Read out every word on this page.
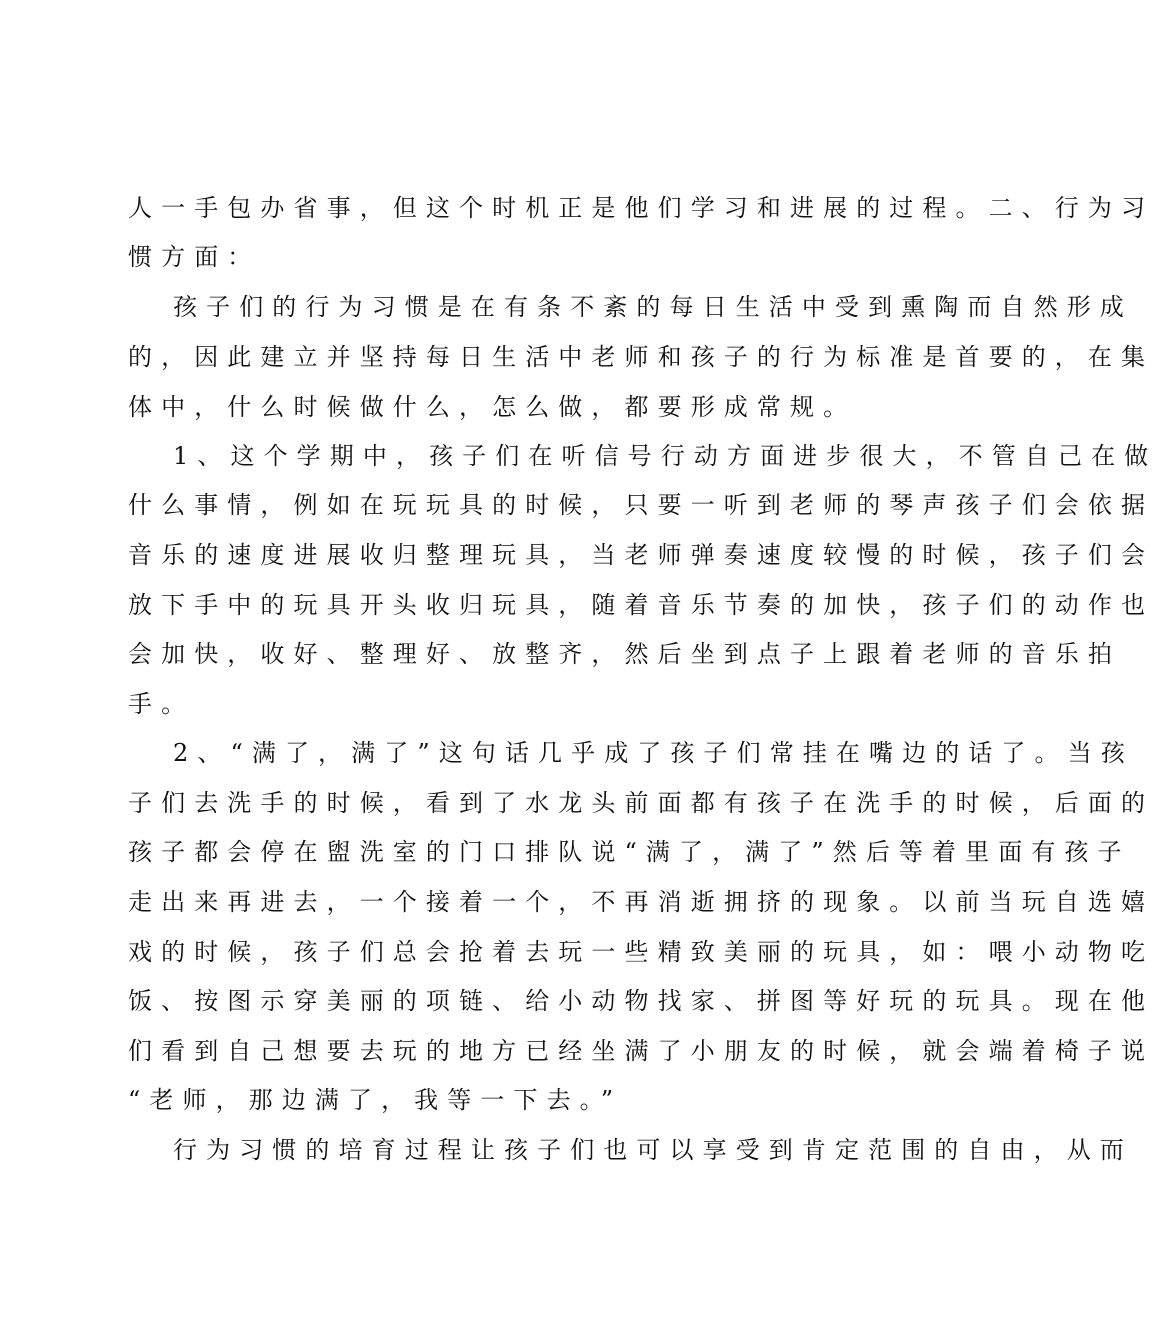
人一手包办省事，但这个时机正是他们学习和进展的过程。二、行为习
惯方面：
孩子们的行为习惯是在有条不紊的每日生活中受到熏陶而自然形成
的，因此建立并坚持每日生活中老师和孩子的行为标准是首要的，在集
体中，什么时候做什么，怎么做，都要形成常规。
1、这个学期中，孩子们在听信号行动方面进步很大，不管自己在做
什么事情，例如在玩玩具的时候，只要一听到老师的琴声孩子们会依据
音乐的速度进展收归整理玩具，当老师弹奏速度较慢的时候，孩子们会
放下手中的玩具开头收归玩具，随着音乐节奏的加快，孩子们的动作也
会加快，收好、整理好、放整齐，然后坐到点子上跟着老师的音乐拍
手。
2、“满了，满了”这句话几乎成了孩子们常挂在嘴边的话了。当孩
子们去洗手的时候，看到了水龙头前面都有孩子在洗手的时候，后面的
孩子都会停在盥洗室的门口排队说“满了，满了”然后等着里面有孩子
走出来再进去，一个接着一个，不再消逝拥挤的现象。以前当玩自选嬉
戏的时候，孩子们总会抢着去玩一些精致美丽的玩具，如：喂小动物吃
饭、按图示穿美丽的项链、给小动物找家、拼图等好玩的玩具。现在他
们看到自己想要去玩的地方已经坐满了小朋友的时候，就会端着椅子说
“老师，那边满了，我等一下去。”
行为习惯的培育过程让孩子们也可以享受到肯定范围的自由，从而
